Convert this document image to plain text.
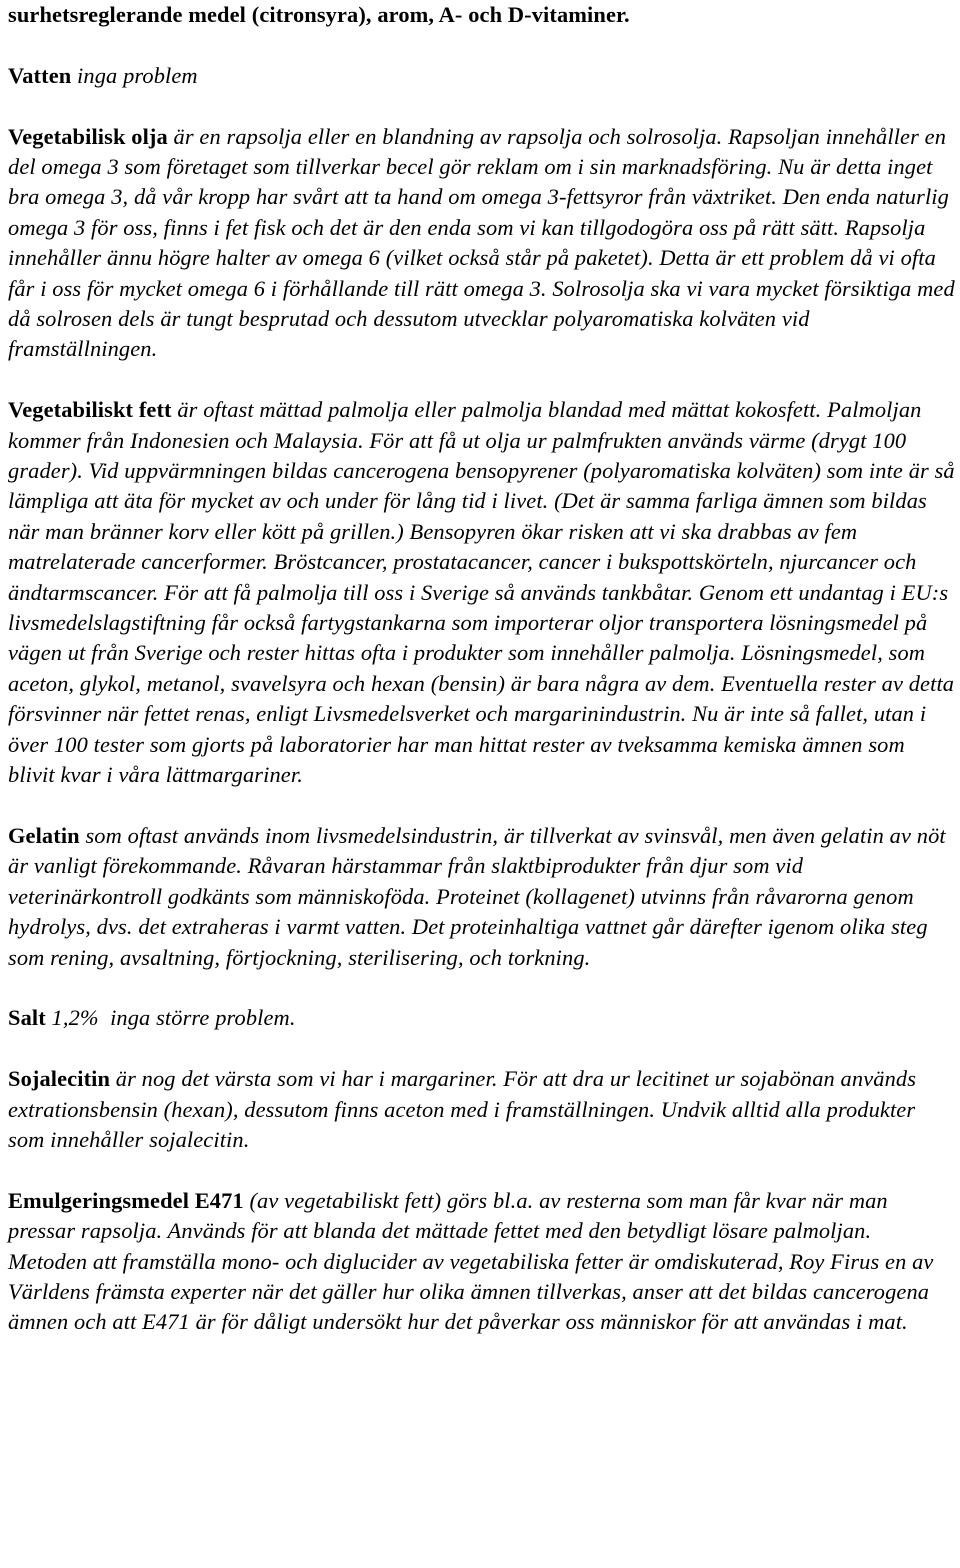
surhetsreglerande medel (citronsyra), arom, A- och D-vitaminer.

Vatten inga problem

Vegetabilisk olja är en rapsolja eller en blandning av rapsolja och solrosolja. Rapsoljan innehåller en del omega 3 som företaget som tillverkar becel gör reklam om i sin marknadsföring. Nu är detta inget bra omega 3, då vår kropp har svårt att ta hand om omega 3-fettsyror från växtriket. Den enda naturlig omega 3 för oss, finns i fet fisk och det är den enda som vi kan tillgodogöra oss på rätt sätt. Rapsolja innehåller ännu högre halter av omega 6 (vilket också står på paketet). Detta är ett problem då vi ofta får i oss för mycket omega 6 i förhållande till rätt omega 3. Solrosolja ska vi vara mycket försiktiga med då solrosen dels är tungt besprutad och dessutom utvecklar polyaromatiska kolväten vid framställningen.

Vegetabiliskt fett är oftast mättad palmolja eller palmolja blandad med mättat kokosfett. Palmoljan kommer från Indonesien och Malaysia. För att få ut olja ur palmfrukten används värme (drygt 100 grader). Vid uppvärmningen bildas cancerogena bensopyrener (polyaromatiska kolväten) som inte är så lämpliga att äta för mycket av och under för lång tid i livet. (Det är samma farliga ämnen som bildas när man bränner korv eller kött på grillen.) Bensopyren ökar risken att vi ska drabbas av fem matrelaterade cancerformer. Bröstcancer, prostatacancer, cancer i bukspottskörteln, njurcancer och ändtarmscancer. För att få palmolja till oss i Sverige så används tankbåtar. Genom ett undantag i EU:s livsmedelslagstiftning får också fartygstankarna som importerar oljor transportera lösningsmedel på vägen ut från Sverige och rester hittas ofta i produkter som innehåller palmolja. Lösningsmedel, som aceton, glykol, metanol, svavelsyra och hexan (bensin) är bara några av dem. Eventuella rester av detta försvinner när fettet renas, enligt Livsmedelsverket och margarinindustrin. Nu är inte så fallet, utan i över 100 tester som gjorts på laboratorier har man hittat rester av tveksamma kemiska ämnen som blivit kvar i våra lättmargariner.

Gelatin som oftast används inom livsmedelsindustrin, är tillverkat av svinsvål, men även gelatin av nöt är vanligt förekommande. Råvaran härstammar från slaktbiprodukter från djur som vid veterinärkontroll godkänts som människoföda. Proteinet (kollagenet) utvinns från råvarorna genom hydrolys, dvs. det extraheras i varmt vatten. Det proteinhaltiga vattnet går därefter igenom olika steg som rening, avsaltning, förtjockning, sterilisering, och torkning.

Salt 1,2%  inga större problem.

Sojalecitin är nog det värsta som vi har i margariner. För att dra ur lecitinet ur sojabönan används extrationsbensin (hexan), dessutom finns aceton med i framställningen. Undvik alltid alla produkter som innehåller sojalecitin.

Emulgeringsmedel E471 (av vegetabiliskt fett) görs bl.a. av resterna som man får kvar när man pressar rapsolja. Används för att blanda det mättade fettet med den betydligt lösare palmoljan. Metoden att framställa mono- och diglucider av vegetabiliska fetter är omdiskuterad, Roy Firus en av Världens främsta experter när det gäller hur olika ämnen tillverkas, anser att det bildas cancerogena ämnen och att E471 är för dåligt undersökt hur det påverkar oss människor för att användas i mat.
